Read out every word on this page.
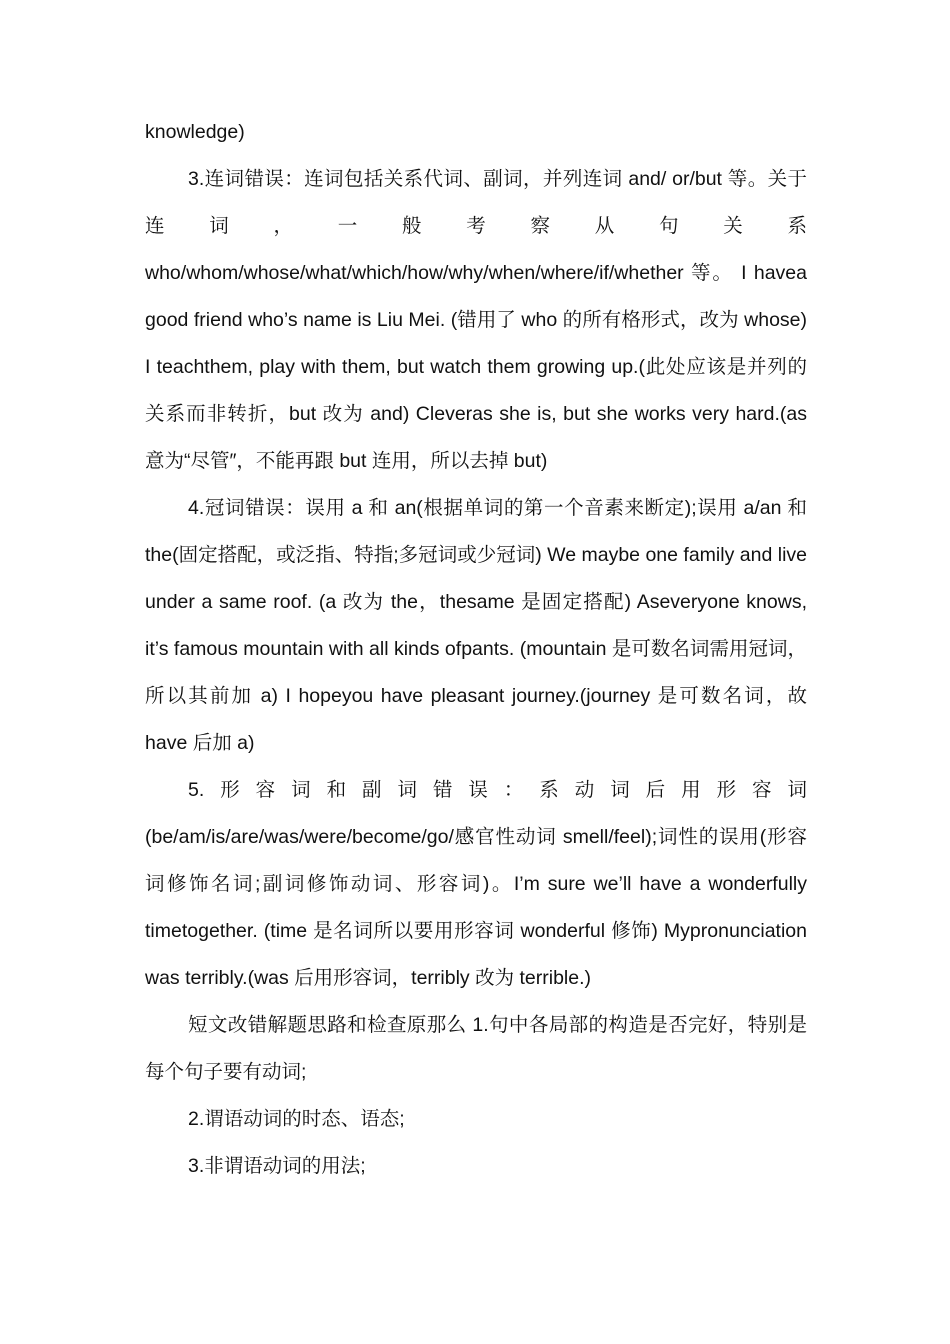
knowledge)

3.连词错误：连词包括关系代词、副词，并列连词 and/ or/but 等。关于连词，一般考察从句关系 who/whom/whose/what/which/how/why/when/where/if/whether 等。 I havea good friend who’s name is Liu Mei. (错用了 who 的所有格形式，改为 whose) I teachthem, play with them, but watch them growing up.(此处应该是并列的关系而非转折，but 改为 and) Cleveras she is, but she works very hard.(as 意为“尽管″，不能再跟 but 连用，所以去掉 but)

4.冠词错误：误用 a 和 an(根据单词的第一个音素来断定);误用 a/an 和 the(固定搭配，或泛指、特指;多冠词或少冠词) We maybe one family and live under a same roof. (a 改为 the，thesame 是固定搭配) Aseveryone knows, it’s famous mountain with all kinds ofpants. (mountain 是可数名词需用冠词，所以其前加 a) I hopeyou have pleasant journey.(journey 是可数名词，故 have 后加 a)

5.形容词和副词错误：系动词后用形容词(be/am/is/are/was/were/become/go/感官性动词 smell/feel);词性的误用(形容词修饰名词;副词修饰动词、形容词)。I’m sure we’ll have a wonderfully timetogether. (time 是名词所以要用形容词 wonderful 修饰) Mypronunciation was terribly.(was 后用形容词，terribly 改为 terrible.)

短文改错解题思路和检查原那么 1.句中各局部的构造是否完好，特别是每个句子要有动词;

2.谓语动词的时态、语态;

3.非谓语动词的用法;
